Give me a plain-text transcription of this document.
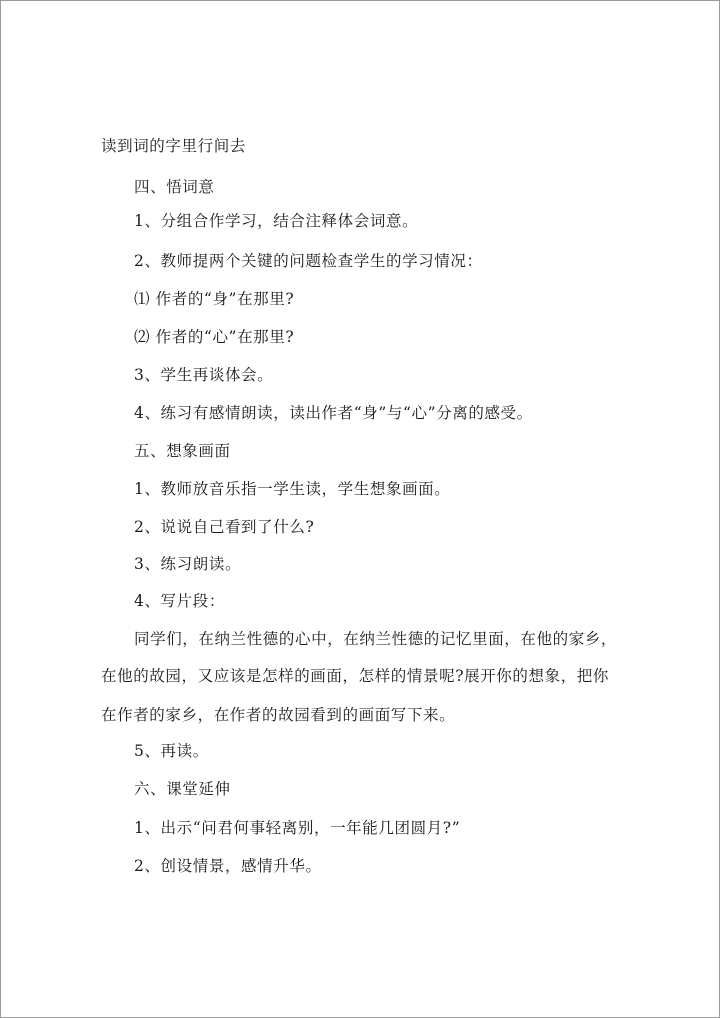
读到词的字里行间去
四、悟词意
1、分组合作学习，结合注释体会词意。
2、教师提两个关键的问题检查学生的学习情况：
⑴ 作者的“身”在那里?
⑵ 作者的“心”在那里?
3、学生再谈体会。
4、练习有感情朗读，读出作者“身”与“心”分离的感受。
五、想象画面
1、教师放音乐指一学生读，学生想象画面。
2、说说自己看到了什么?
3、练习朗读。
4、写片段：
同学们，在纳兰性德的心中，在纳兰性德的记忆里面，在他的家乡，
在他的故园，又应该是怎样的画面，怎样的情景呢?展开你的想象，把你
在作者的家乡，在作者的故园看到的画面写下来。
5、再读。
六、课堂延伸
1、出示“问君何事轻离别，一年能几团圆月?”
2、创设情景，感情升华。
